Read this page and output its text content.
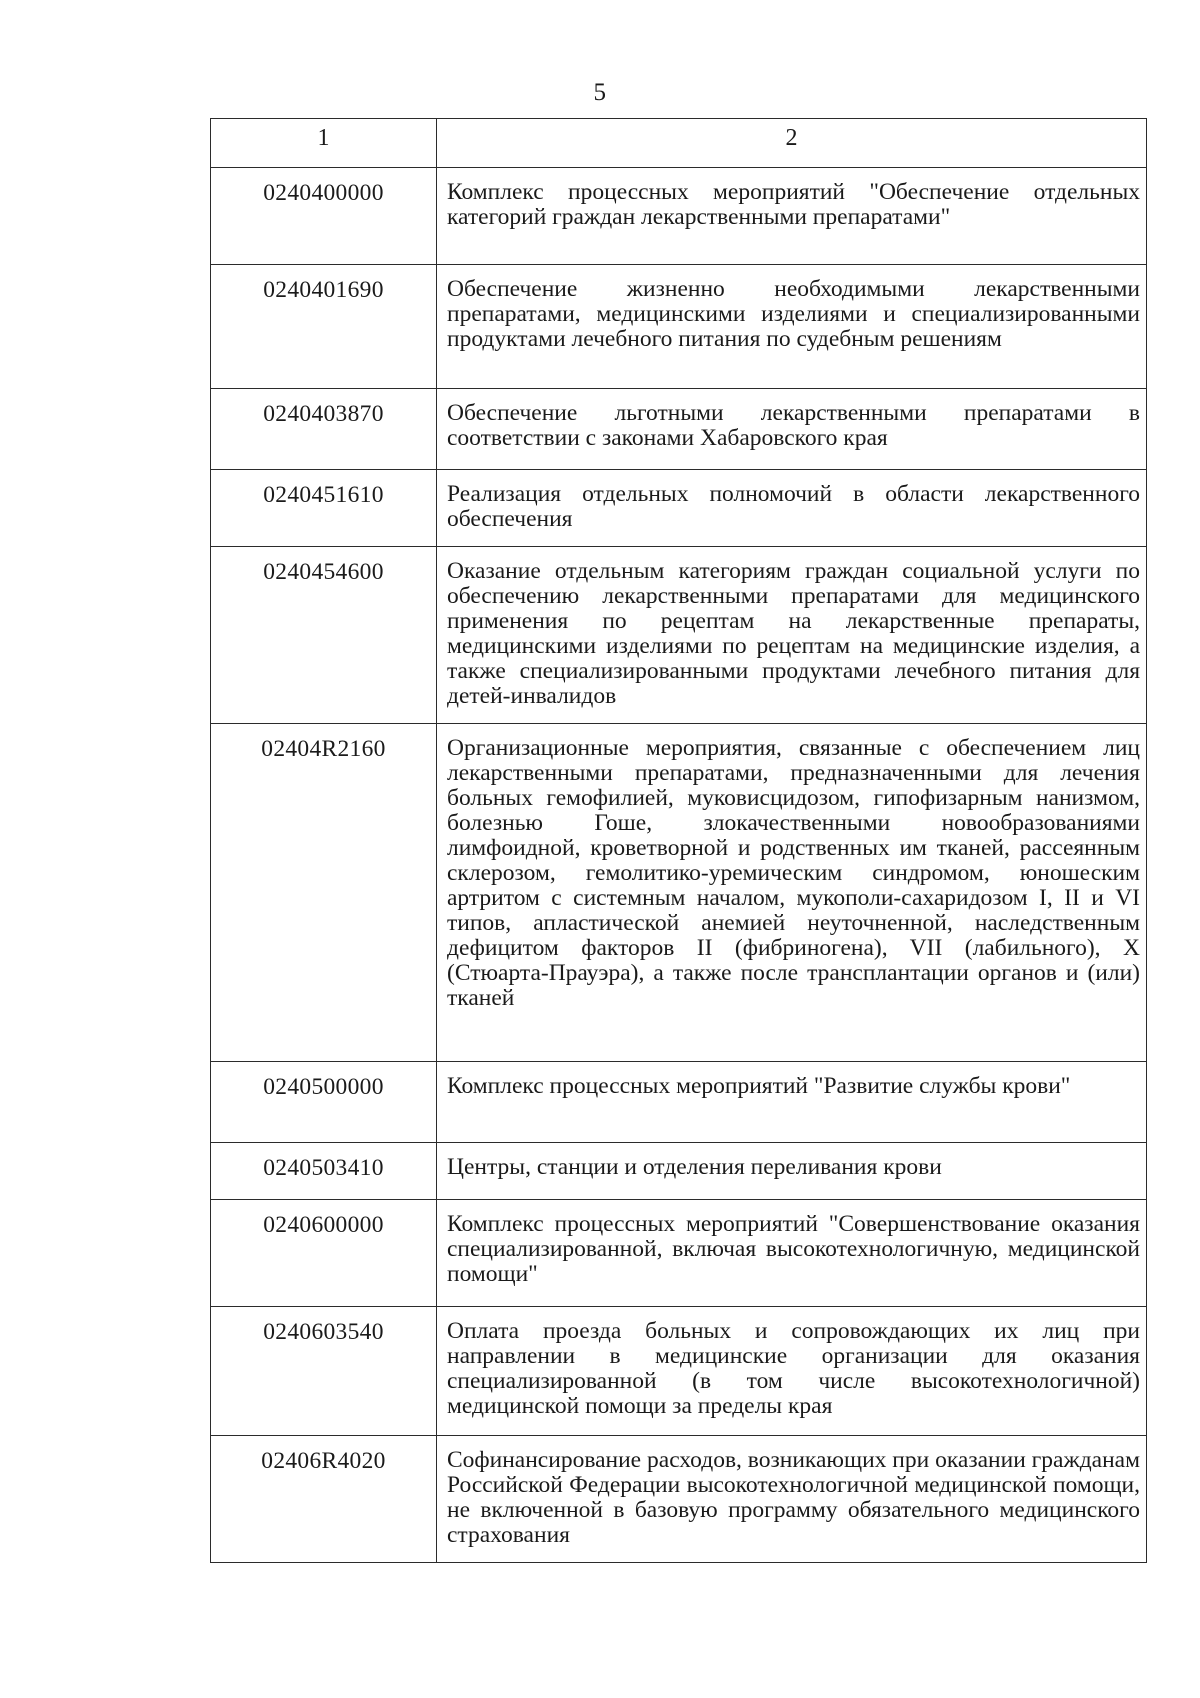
5
1	2
0240400000	Комплекс процессных мероприятий "Обеспечение отдельных категорий граждан лекарственными препаратами"
0240401690	Обеспечение жизненно необходимыми лекарственными препаратами, медицинскими изделиями и специализированными продуктами лечебного питания по судебным решениям
0240403870	Обеспечение льготными лекарственными препаратами в соответствии с законами Хабаровского края
0240451610	Реализация отдельных полномочий в области лекарственного обеспечения
0240454600	Оказание отдельным категориям граждан социальной услуги по обеспечению лекарственными препаратами для медицинского применения по рецептам на лекарственные препараты, медицинскими изделиями по рецептам на медицинские изделия, а также специализированными продуктами лечебного питания для детей-инвалидов
02404R2160	Организационные мероприятия, связанные с обеспечением лиц лекарственными препаратами, предназначенными для лечения больных гемофилией, муковисцидозом, гипофизарным нанизмом, болезнью Гоше, злокачественными новообразованиями лимфоидной, кроветворной и родственных им тканей, рассеянным склерозом, гемолитико-уремическим синдромом, юношеским артритом с системным началом, мукополи-сахаридозом I, II и VI типов, апластической анемией неуточненной, наследственным дефицитом факторов II (фибриногена), VII (лабильного), X (Стюарта-Прауэра), а также после трансплантации органов и (или) тканей
0240500000	Комплекс процессных мероприятий "Развитие службы крови"
0240503410	Центры, станции и отделения переливания крови
0240600000	Комплекс процессных мероприятий "Совершенствование оказания специализированной, включая высокотехнологичную, медицинской помощи"
0240603540	Оплата проезда больных и сопровождающих их лиц при направлении в медицинские организации для оказания специализированной (в том числе высокотехнологичной) медицинской помощи за пределы края
02406R4020	Софинансирование расходов, возникающих при оказании гражданам Российской Федерации высокотехнологичной медицинской помощи, не включенной в базовую программу обязательного медицинского страхования
